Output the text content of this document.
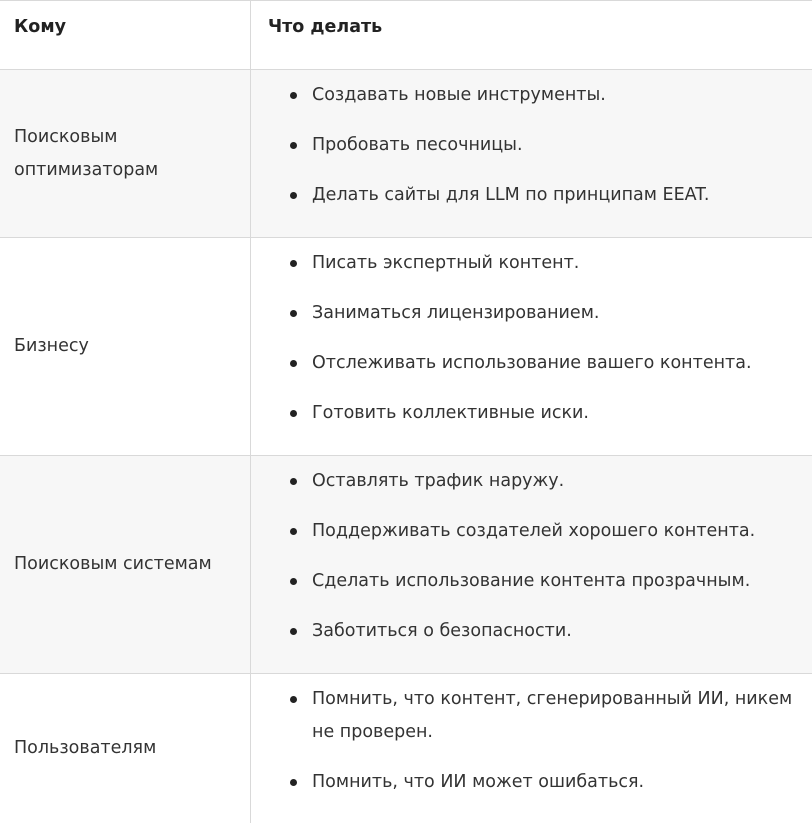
Кому	Что делать
Поисковым оптимизаторам
Создавать новые инструменты.
Пробовать песочницы.
Делать сайты для LLM по принципам EEAT.
Бизнесу
Писать экспертный контент.
Заниматься лицензированием.
Отслеживать использование вашего контента.
Готовить коллективные иски.
Поисковым системам
Оставлять трафик наружу.
Поддерживать создателей хорошего контента.
Сделать использование контента прозрачным.
Заботиться о безопасности.
Пользователям
Помнить, что контент, сгенерированный ИИ, никем не проверен.
Помнить, что ИИ может ошибаться.
